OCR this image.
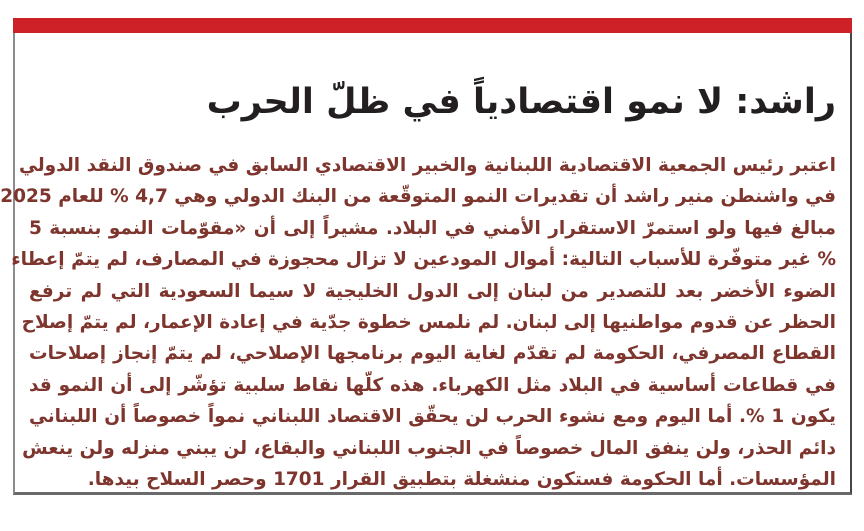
راشد: لا نمو اقتصادياً في ظلّ الحرب
اعتبر رئيس الجمعية الاقتصادية اللبنانية والخبير الاقتصادي السابق في صندوق النقد الدولي
في واشنطن منير راشد أن تقديرات النمو المتوقّعة من البنك الدولي وهي 4,7 % للعام 2025
مبالغ فيها ولو استمرّ الاستقرار الأمني في البلاد. مشيراً إلى أن «مقوّمات النمو بنسبة 5
% غير متوفّرة للأسباب التالية: أموال المودعين لا تزال محجوزة في المصارف، لم يتمّ إعطاء
الضوء الأخضر بعد للتصدير من لبنان إلى الدول الخليجية لا سيما السعودية التي لم ترفع
الحظر عن قدوم مواطنيها إلى لبنان. لم نلمس خطوة جدّية في إعادة الإعمار، لم يتمّ إصلاح
القطاع المصرفي، الحكومة لم تقدّم لغاية اليوم برنامجها الإصلاحي، لم يتمّ إنجاز إصلاحات
في قطاعات أساسية في البلاد مثل الكهرباء. هذه كلّها نقاط سلبية تؤشّر إلى أن النمو قد
يكون 1 %. أما اليوم ومع نشوء الحرب لن يحقّق الاقتصاد اللبناني نمواً خصوصاً أن اللبناني
دائم الحذر، ولن ينفق المال خصوصاً في الجنوب اللبناني والبقاع، لن يبني منزله ولن ينعش
المؤسسات. أما الحكومة فستكون منشغلة بتطبيق القرار 1701 وحصر السلاح بيدها.
